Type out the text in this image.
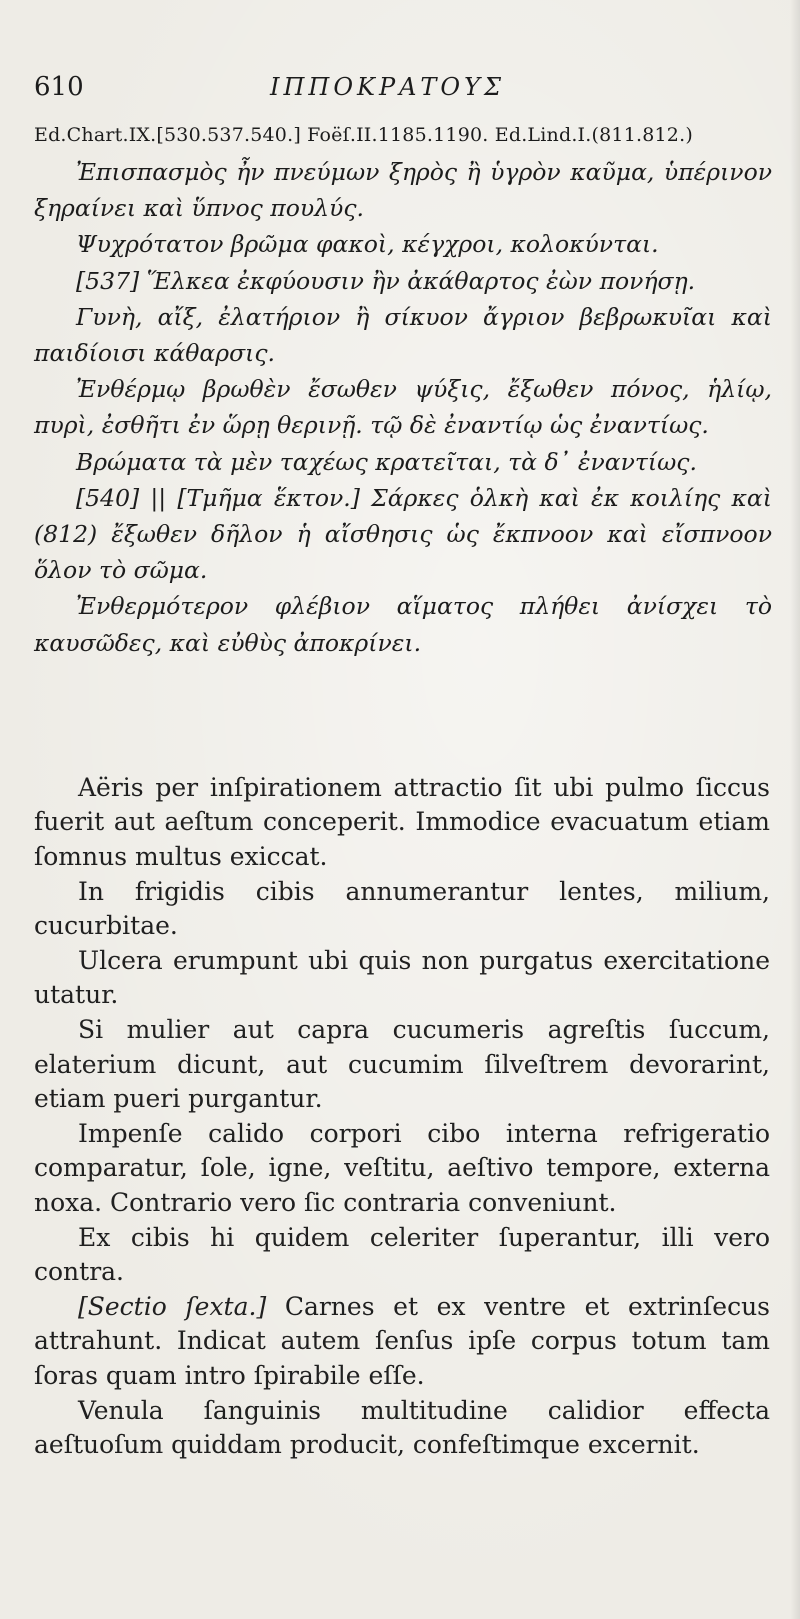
610	ΙΠΠΟΚΡΑΤΟΥΣ
Ed.Chart.IX.[530.537.540.] Foëſ.II.1185.1190. Ed.Lind.I.(811.812.)

Ἐπισπασμὸς ἦν πνεύμων ξηρὸς ἢ ὑγρὸν καῦμα, ὑπέρινον ξηραίνει καὶ ὕπνος πουλύς.

Ψυχρότατον βρῶμα φακοὶ, κέγχροι, κολοκύνται.

[537] Ἕλκεα ἐκφύουσιν ἢν ἀκάθαρτος ἐὼν πονήσῃ.

Γυνὴ, αἴξ, ἐλατήριον ἢ σίκυον ἄγριον βεβρωκυῖαι καὶ παιδίοισι κάθαρσις.

Ἐνθέρμῳ βρωθὲν ἔσωθεν ψύξις, ἔξωθεν πόνος, ἡλίῳ, πυρὶ, ἐσθῆτι ἐν ὥρῃ θερινῇ. τῷ δὲ ἐναντίῳ ὡς ἐναντίως.

Βρώματα τὰ μὲν ταχέως κρατεῖται, τὰ δ᾽ ἐναντίως.

[540] || [Τμῆμα ἕκτον.] Σάρκες ὁλκὴ καὶ ἐκ κοιλίης καὶ (812) ἔξωθεν δῆλον ἡ αἴσθησις ὡς ἔκπνοον καὶ εἴσπνοον ὅλον τὸ σῶμα.

Ἐνθερμότερον φλέβιον αἵματος πλήθει ἀνίσχει τὸ καυσῶδες, καὶ εὐθὺς ἀποκρίνει.

Aëris per inſpirationem attractio ſit ubi pulmo ſiccus fuerit aut aeſtum conceperit. Immodice evacuatum etiam ſomnus multus exiccat.

In frigidis cibis annumerantur lentes, milium, cucurbitae.

Ulcera erumpunt ubi quis non purgatus exercitatione utatur.

Si mulier aut capra cucumeris agreſtis ſuccum, elaterium dicunt, aut cucumim ſilveſtrem devorarint, etiam pueri purgantur.

Impenſe calido corpori cibo interna refrigeratio comparatur, ſole, igne, veſtitu, aeſtivo tempore, externa noxa. Contrario vero ſic contraria conveniunt.

Ex cibis hi quidem celeriter ſuperantur, illi vero contra.

[Sectio ſexta.] Carnes et ex ventre et extrinſecus attrahunt. Indicat autem ſenſus ipſe corpus totum tam ſoras quam intro ſpirabile eſſe.

Venula ſanguinis multitudine calidior effecta aeſtuoſum quiddam producit, confeſtimque excernit.
